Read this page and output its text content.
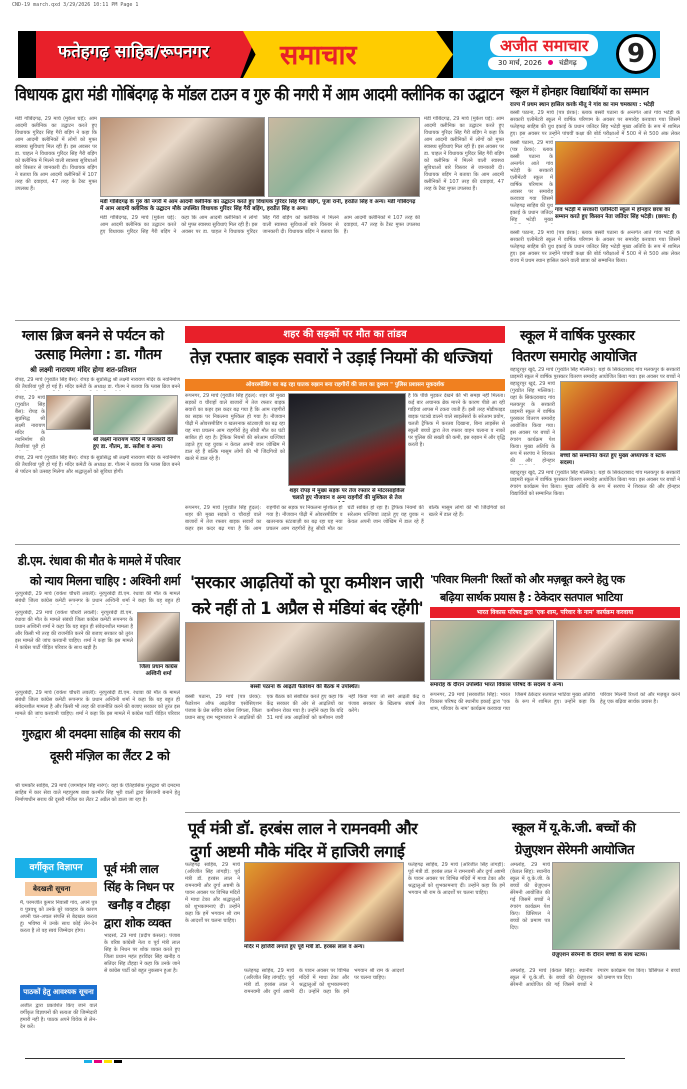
CND-19 march.qxd 3/29/2026 10:11 PM Page 1
फतेहगढ़ साहिब/रूपनगर	समाचार	अजीत समाचार
30 मार्च, 2026 चंडीगढ़	9
विधायक द्वारा मंडी गोबिंदगढ़ के मॉडल टाउन व गुरु की नगरी में आम आदमी क्लीनिक का उद्घाटन
मंडी गोबिंदगढ़, 29 मार्च (मुकेश घई): आम आदमी क्लीनिक का उद्घाटन करते हुए विधायक गुरिंदर सिंह गैरी बड़िंग ने कहा कि आम आदमी क्लीनिकों में लोगों को मुफ्त स्वास्थ्य सुविधाएं मिल रही हैं। इस अवसर पर डा. चाहल ने विधायक गुरिंदर सिंह गैरी बड़िंग को क्लीनिक में मिलने वाली स्वास्थ्य सुविधाओं बारे विस्तार से जानकारी दी। विधायक बड़िंग ने बताया कि आम आदमी क्लीनिकों में 107 तरह की दवाइयां, 47 तरह के टैस्ट मुफ्त उपलब्ध हैं।
मंडी गोबिंदगढ़ के गुरु की नगरी में आम आदमी क्लीनिक का उद्घाटन करते हुए विधायक गुरिंदर सिंह गैरी बड़िंग, पूजा रानी, हरप्रीत सिंह व अन्य। मंडी गोबिंदगढ़ में आम आदमी क्लीनिक के उद्घाटन मौके उपस्थित विधायक गुरिंदर सिंह गैरी बड़िंग, हरप्रीत सिंह व अन्य।
मंडी गोबिंदगढ़, 29 मार्च (मुकेश घई): आम आदमी क्लीनिक का उद्घाटन करते हुए विधायक गुरिंदर सिंह गैरी बड़िंग ने कहा कि आम आदमी क्लीनिकों में लोगों को मुफ्त स्वास्थ्य सुविधाएं मिल रही हैं। इस अवसर पर डा. चाहल ने विधायक गुरिंदर सिंह गैरी बड़िंग को क्लीनिक में मिलने वाली स्वास्थ्य सुविधाओं बारे विस्तार से जानकारी दी। विधायक बड़िंग ने बताया कि आम आदमी क्लीनिकों में 107 तरह की दवाइयां, 47 तरह के टैस्ट मुफ्त उपलब्ध हैं।
मंडी गोबिंदगढ़, 29 मार्च (मुकेश घई): आम आदमी क्लीनिक का उद्घाटन करते हुए विधायक गुरिंदर सिंह गैरी बड़िंग ने कहा कि आम आदमी क्लीनिकों में लोगों को मुफ्त स्वास्थ्य सुविधाएं मिल रही हैं। इस अवसर पर डा. चाहल ने विधायक गुरिंदर सिंह गैरी बड़िंग को क्लीनिक में मिलने वाली स्वास्थ्य सुविधाओं बारे विस्तार से जानकारी दी। विधायक बड़िंग ने बताया कि आम आदमी क्लीनिकों में 107 तरह की दवाइयां, 47 तरह के टैस्ट मुफ्त उपलब्ध हैं।
स्कूल में होनहार विद्यार्थियों का सम्मान
राज्य में प्रथम स्थान हासिल करके मीतू ने गांव का नाम चमकाया : भटेड़ी
बस्सी पठाना, 29 मार्च (पत्र प्रेरक): ब्लाक बस्सी पठाना के अन्तर्गत आते गांव भटेड़ी के सरकारी एलीमेंटरी स्कूल में वार्षिक परिणाम के अवसर पर समारोह करवाया गया जिसमें फतेहगढ़ साहिब की युथ इकाई के प्रधान जतिंदर सिंह भटेड़ी मुख्य अतिथि के रूप में शामिल हुए। इस अवसर पर उन्होंने पांचवीं कक्षा की बोर्ड परीक्षाओं में 500 में से 500 अंक लेकर
बस्सी पठाना, 29 मार्च (पत्र प्रेरक): ब्लाक बस्सी पठाना के अन्तर्गत आते गांव भटेड़ी के सरकारी एलीमेंटरी स्कूल में वार्षिक परिणाम के अवसर पर समारोह करवाया गया जिसमें फतेहगढ़ साहिब की युथ इकाई के प्रधान जतिंदर सिंह भटेड़ी मुख्य
गांव भटेड़ी में सरकारी एलीमेंटरी स्कूल में होनहार छात्रा का सम्मान करते हुए किसान नेता जतिंदर सिंह भटेड़ी। (छाया: ईं)
बस्सी पठाना, 29 मार्च (पत्र प्रेरक): ब्लाक बस्सी पठाना के अन्तर्गत आते गांव भटेड़ी के सरकारी एलीमेंटरी स्कूल में वार्षिक परिणाम के अवसर पर समारोह करवाया गया जिसमें फतेहगढ़ साहिब की युथ इकाई के प्रधान जतिंदर सिंह भटेड़ी मुख्य अतिथि के रूप में शामिल हुए। इस अवसर पर उन्होंने पांचवीं कक्षा की बोर्ड परीक्षाओं में 500 में से 500 अंक लेकर राज्य में प्रथम स्थान हासिल करने वाली छात्रा को सम्मानित किया।
ग्लास ब्रिज बनने से पर्यटन को
उत्साह मिलेगा : डा. गौतम
श्री लक्ष्मी नारायण मंदिर होगा शत-प्रतिशत
रोपड़, 29 मार्च (गुरप्रीत सिंह बैंस): रोपड़ के सुप्रसिद्ध श्री लक्ष्मी नारायण मंदिर के नवनिर्माण की तैयारियां पूरी हो गई हैं। मंदिर कमेटी के अध्यक्ष डा. गौतम ने बताया कि ग्लास ब्रिज बनने
रोपड़, 29 मार्च (गुरप्रीत सिंह बैंस): रोपड़ के सुप्रसिद्ध श्री लक्ष्मी नारायण मंदिर के नवनिर्माण की तैयारियां पूरी हो
श्री लक्ष्मी नारायण मंदिर में जानकारी देते हुए डा. गौतम, डा. सतीश व अन्य।
रोपड़, 29 मार्च (गुरप्रीत सिंह बैंस): रोपड़ के सुप्रसिद्ध श्री लक्ष्मी नारायण मंदिर के नवनिर्माण की तैयारियां पूरी हो गई हैं। मंदिर कमेटी के अध्यक्ष डा. गौतम ने बताया कि ग्लास ब्रिज बनने से पर्यटन को उत्साह मिलेगा और श्रद्धालुओं को सुविधा होगी।
शहर की सड़कों पर मौत का तांडव
तेज़ रफ्तार बाइक सवारों ने उड़ाई नियमों की धज्जियां
ओवरस्पीडिंग का बढ़ रहा घातक रुझान बना राहगीरों की जान का दुश्मन " पुलिस प्रशासन मूकदर्शक
रूपनगर, 29 मार्च (गुरप्रीत सिंह हुंदल): शहर की मुख्य सड़कों व चौराहों वाले बाजारों में तेज रफ्तार बाइक सवारों का कहर इस कदर बढ़ गया है कि आम राहगीरों का सड़क पर निकलना मुश्किल हो गया है। नौजवान पीढ़ी में ओवरस्पीडिंग व खतरनाक स्टंटबाज़ी का बढ़ रहा यह नया प्रचलन आम राहगीरों हेतु सीधी मौत का घंटी साबित हो रहा है। ट्रैफिक नियमों की सरेआम धज्जियां उड़ाते हुए यह युवक न केवल अपनी जान जोखिम में डाल रहे हैं बल्कि मासूम लोगों की भी जिंदगियों को खतरे में डाल रहे हैं।
शहर रोपड़ में मुख्य सड़क पर तेज रफ्तार से मोटरसाइकिल चलाते हुए नौजवान व अन्य राहगीरों की मुश्किल से तेज
है कि पीछे मुड़कर देखने की भी समझ नहीं मिलता। कई बार अचानक ब्रेक मारने के कारण पीछे आ रही गाड़ियां आपस में टकरा जाती हैं। इसी तरह मोडीफाइड बाइक पटाखे डालने वाले साइलेंसरों के सरेआम प्रयोग, चलती ट्रैफिक में करतब दिखाना, बिना लाइसेंस से स्कूली बच्चों द्वारा तेज रफ्तार वाहन चलाना व नाकों पर पुलिस की सख्ती की कमी, इस रुझान में और वृद्धि करती है।
रूपनगर, 29 मार्च (गुरप्रीत सिंह हुंदल): शहर की मुख्य सड़कों व चौराहों वाले बाजारों में तेज रफ्तार बाइक सवारों का कहर इस कदर बढ़ गया है कि आम राहगीरों का सड़क पर निकलना मुश्किल हो गया है। नौजवान पीढ़ी में ओवरस्पीडिंग व खतरनाक स्टंटबाज़ी का बढ़ रहा यह नया प्रचलन आम राहगीरों हेतु सीधी मौत का घंटी साबित हो रहा है। ट्रैफिक नियमों की सरेआम धज्जियां उड़ाते हुए यह युवक न केवल अपनी जान जोखिम में डाल रहे हैं बल्कि मासूम लोगों की भी जिंदगियों को खतरे में डाल रहे हैं।
स्कूल में वार्षिक पुरस्कार
वितरण समारोह आयोजित
बहादुरपुर खुर्द, 29 मार्च (गुरप्रीत सिंह मल्लिक): यहां के सिकंदराबाद गांव मलकपुर के सरकारी प्राइमरी स्कूल में वार्षिक पुरस्कार वितरण समारोह आयोजित किया गया। इस अवसर पर बच्चों ने
बहादुरपुर खुर्द, 29 मार्च (गुरप्रीत सिंह मल्लिक): यहां के सिकंदराबाद गांव मलकपुर के सरकारी प्राइमरी स्कूल में वार्षिक पुरस्कार वितरण समारोह आयोजित किया गया। इस अवसर पर बच्चों ने रंगारंग कार्यक्रम पेश किया। मुख्य अतिथि के रूप में सरपंच ने शिरकत की और होनहार
बच्चों को सम्मानित करते हुए मुख्य अध्यापक व स्टाफ सदस्य।
बहादुरपुर खुर्द, 29 मार्च (गुरप्रीत सिंह मल्लिक): यहां के सिकंदराबाद गांव मलकपुर के सरकारी प्राइमरी स्कूल में वार्षिक पुरस्कार वितरण समारोह आयोजित किया गया। इस अवसर पर बच्चों ने रंगारंग कार्यक्रम पेश किया। मुख्य अतिथि के रूप में सरपंच ने शिरकत की और होनहार विद्यार्थियों को सम्मानित किया।
डी.एम. रंधावा की मौत के मामले में परिवार
को न्याय मिलना चाहिए : अश्विनी शर्मा
नूरपुरबेदी, 29 मार्च (राकेश चौधरी लवली): नूरपुरबेदी डी.एम. रंधावा की मौत के मामले संबंधी जिला कांग्रेस कमेटी रूपनगर के प्रधान अश्विनी शर्मा ने कहा कि यह बहुत ही
नूरपुरबेदी, 29 मार्च (राकेश चौधरी लवली): नूरपुरबेदी डी.एम. रंधावा की मौत के मामले संबंधी जिला कांग्रेस कमेटी रूपनगर के प्रधान अश्विनी शर्मा ने कहा कि यह बहुत ही संवेदनशील मामला है और किसी भी तरह की राजनीति करने की बजाए सरकार को तुरंत इस मामले की जांच करवानी चाहिए। शर्मा ने कहा कि इस मामले में कांग्रेस पार्टी पीड़ित परिवार के साथ खड़ी है।
जिला प्रधान कांग्रेस अश्विनी शर्मा
नूरपुरबेदी, 29 मार्च (राकेश चौधरी लवली): नूरपुरबेदी डी.एम. रंधावा की मौत के मामले संबंधी जिला कांग्रेस कमेटी रूपनगर के प्रधान अश्विनी शर्मा ने कहा कि यह बहुत ही संवेदनशील मामला है और किसी भी तरह की राजनीति करने की बजाए सरकार को तुरंत इस मामले की जांच करवानी चाहिए। शर्मा ने कहा कि इस मामले में कांग्रेस पार्टी पीड़ित परिवार
गुरुद्वारा श्री दमदमा साहिब की सराय की
दूसरी मंज़िल का लैंटर 2 को
श्री चमकौर साहिब, 29 मार्च (जगमोहन सिंह नारंग): यहां के ऐतिहासिक गुरुद्वारा श्री दमदमा साहिब में कार सेवा वाले महापुरुष बाबा कश्मीर सिंह भूरी वालों द्वारा सिरजनी बनाने हेतु निर्माणाधीन सराय की दूसरी मंजिल का लैंटर 2 अप्रैल को डाला जा रहा है।
'सरकार आढ़तियों को पूरा कमीशन जारी
करे नहीं तो 1 अप्रैल से मंडियां बंद रहेंगी'
बस्सी पठाना के आढ़ती फैडरेशन की बैठक में उपस्थित।
बस्सी पठाना, 29 मार्च (पत्र प्रेरक): फैडरेशन ऑफ आढ़तीया एसोसिएशन पंजाब के प्रेस सचिव राकेश शिंगला, जिला प्रधान साधु राम भट्टमाजरा ने आढ़तियों की एक बैठक को संबोधित करते हुए कहा कि केंद्र सरकार की ओर से आढ़तियों का कमीशन रोका गया है। उन्होंने कहा कि यदि 31 मार्च तक आढ़तियों को कमीशन जारी नहीं किया गया तो सारे आढ़ती केंद्र व पंजाब सरकार के खिलाफ संघर्ष तेज करेंगे।
'परिवार मिलनी' रिश्तों को और मज़बूत करने हेतु एक
बढ़िया सार्थक प्रयास है : ठेकेदार सतपाल भाटिया
भारत विकास परिषद द्वारा 'एक शाम, परिवार के नाम' कार्यक्रम करवाया
समारोह के दौरान उपस्थित भारत विकास परिषद के सदस्य व अन्य।
रूपनगर, 29 मार्च (सरबजीत सिंह): भारत विकास परिषद की स्थानीय इकाई द्वारा 'एक शाम, परिवार के नाम' कार्यक्रम करवाया गया जिसमें ठेकेदार सतपाल भाटिया मुख्य अतिथि के रूप में शामिल हुए। उन्होंने कहा कि परिवार मिलनी रिश्तों को और मज़बूत करने हेतु एक बढ़िया सार्थक प्रयास है।
पूर्व मंत्री डॉ. हरबंस लाल ने रामनवमी और
दुर्गा अष्टमी मौके मंदिर में हाजिरी लगाई
फतेहगढ़ साहिब, 29 मार्च (अरिजीत सिंह तांगड़ी): पूर्व मंत्री डॉ. हरबंस लाल ने रामनवमी और दुर्गा अष्टमी के पावन अवसर पर विभिन्न मंदिरों में माथा टेका और श्रद्धालुओं को शुभकामनाएं दीं। उन्होंने कहा कि हमें भगवान श्री राम के आदर्शों पर चलना चाहिए।
मंदिर में हाजिरी लगाते हुए पूर्व मंत्री डॉ. हरबंस लाल व अन्य।
फतेहगढ़ साहिब, 29 मार्च (अरिजीत सिंह तांगड़ी): पूर्व मंत्री डॉ. हरबंस लाल ने रामनवमी और दुर्गा अष्टमी के पावन अवसर पर विभिन्न मंदिरों में माथा टेका और श्रद्धालुओं को शुभकामनाएं दीं। उन्होंने कहा कि हमें भगवान श्री राम के आदर्शों पर चलना चाहिए।
फतेहगढ़ साहिब, 29 मार्च (अरिजीत सिंह तांगड़ी): पूर्व मंत्री डॉ. हरबंस लाल ने रामनवमी और दुर्गा अष्टमी के पावन अवसर पर विभिन्न मंदिरों में माथा टेका और श्रद्धालुओं को शुभकामनाएं दीं। उन्होंने कहा कि हमें भगवान श्री राम के आदर्शों पर चलना चाहिए।
स्कूल में यू.के.जी. बच्चों की
ग्रेज़ुएशन सेरेमनी आयोजित
अमलोह, 29 मार्च (केवल सिंह): स्थानीय स्कूल में यू.के.जी. के बच्चों की ग्रेज़ुएशन सेरेमनी आयोजित की गई जिसमें बच्चों ने रंगारंग कार्यक्रम पेश किए। प्रिंसिपल ने बच्चों को प्रमाण पत्र दिए।
ग्रेज़ुएशन सेरेमनी के दौरान बच्चों के साथ स्टाफ।
अमलोह, 29 मार्च (केवल सिंह): स्थानीय स्कूल में यू.के.जी. के बच्चों की ग्रेज़ुएशन सेरेमनी आयोजित की गई जिसमें बच्चों ने रंगारंग कार्यक्रम पेश किए। प्रिंसिपल ने बच्चों को प्रमाण पत्र दिए।
वर्गीकृत विज्ञापन
बेदखली सूचना
मैं, परमजीत कुमार निवासी गांव, अपने पुत्र व पुत्रवधू को उनके बुरे व्यवहार के कारण अपनी चल-अचल संपत्ति से बेदखल करता हूं। भविष्य में उनके साथ कोई लेन-देन करता है तो वह स्वयं जिम्मेदार होगा।
पाठकों हेतु आवश्यक सूचना
अजीत द्वारा प्रकाशित किए जाने वाले वर्गीकृत विज्ञापनों की सत्यता की जिम्मेदारी हमारी नहीं है। पाठक अपने विवेक से लेन-देन करें।
पूर्व मंत्री लाल
सिंह के निधन पर
खनौड़ व टौहड़ा
द्वारा शोक व्यक्त
भादसों, 29 मार्च (प्रदीप कंसल): पंजाब के वरिष्ठ कांग्रेसी नेता व पूर्व मंत्री लाल सिंह के निधन पर शोक व्यक्त करते हुए जिला प्रधान महंत हरविंदर सिंह खनौड़ व सतिंदर सिंह टौहड़ा ने कहा कि उनके जाने से कांग्रेस पार्टी को बहुत नुकसान हुआ है।
